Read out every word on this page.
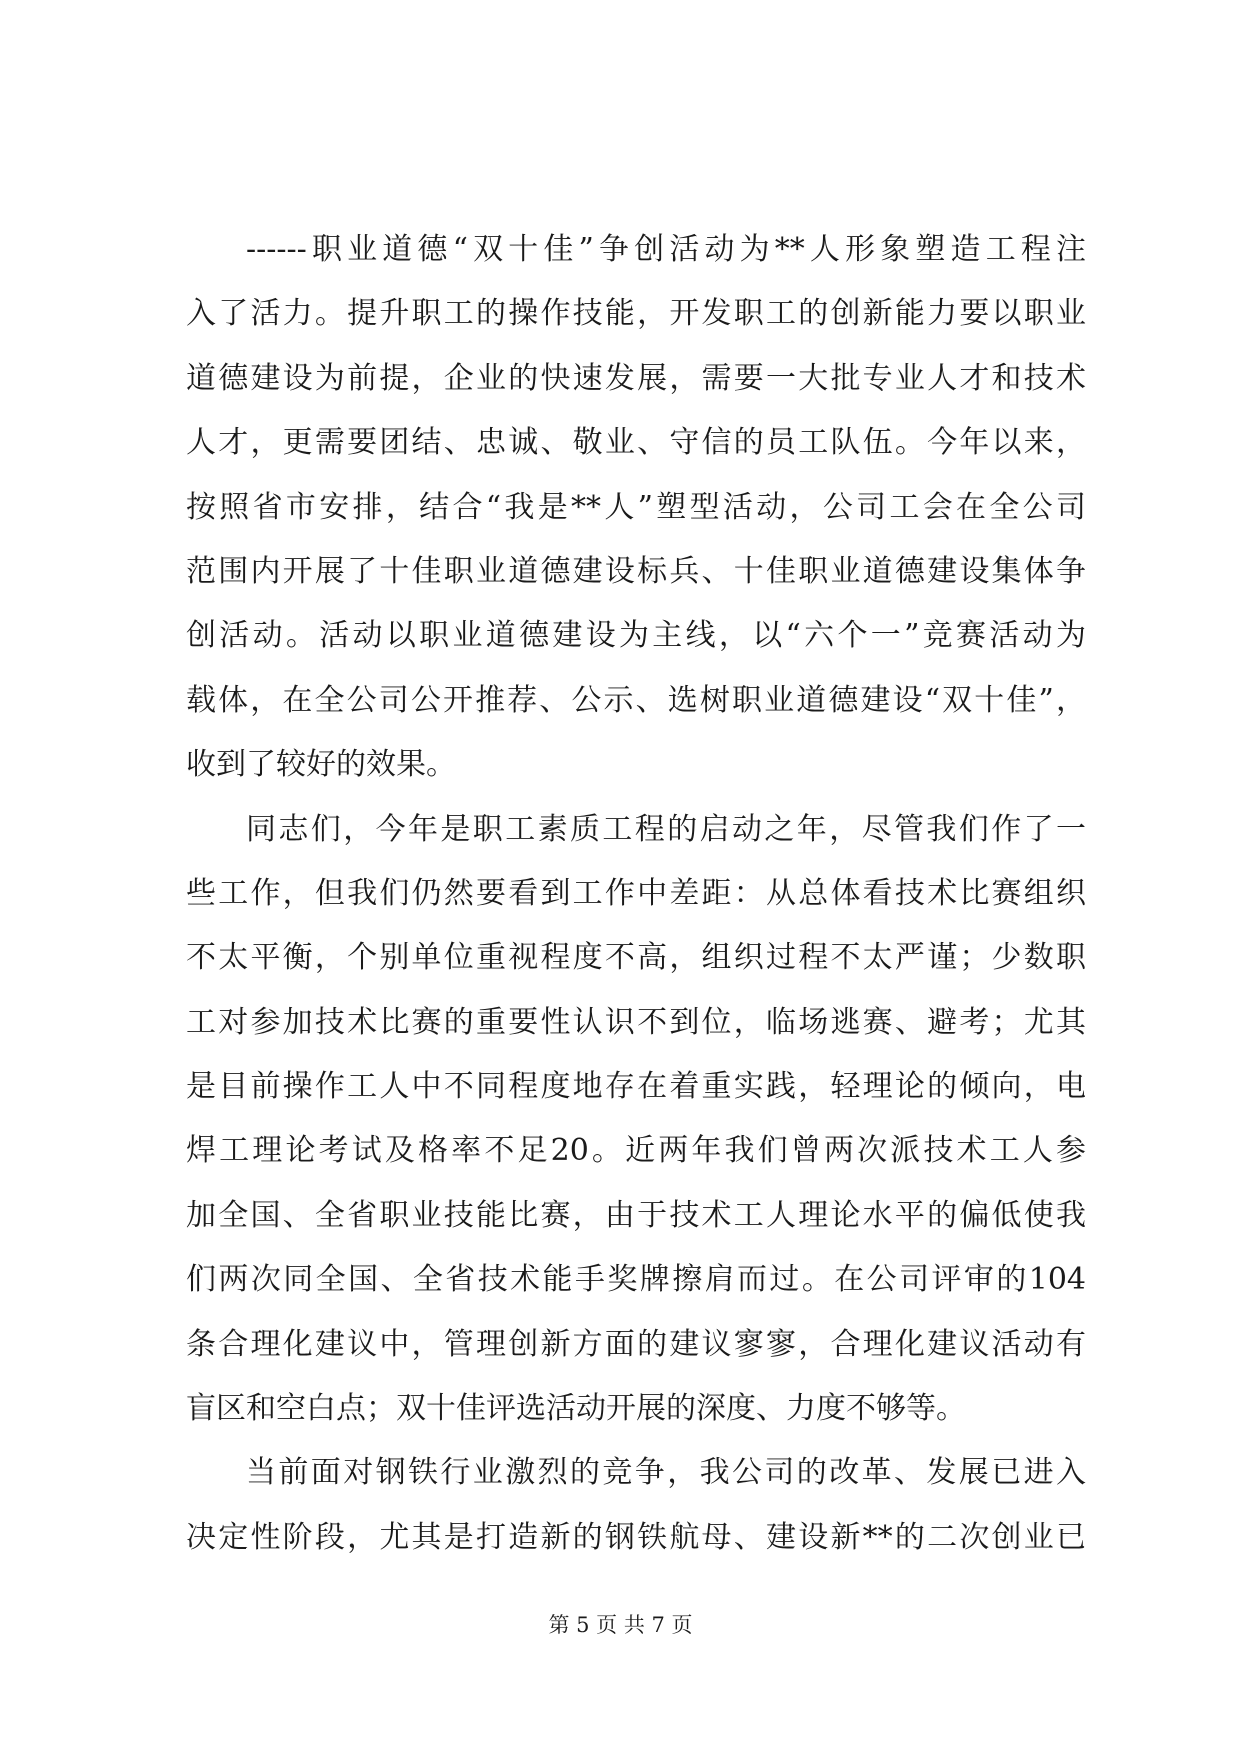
------职业道德“双十佳”争创活动为**人形象塑造工程注
入了活力。提升职工的操作技能，开发职工的创新能力要以职业
道德建设为前提，企业的快速发展，需要一大批专业人才和技术
人才，更需要团结、忠诚、敬业、守信的员工队伍。今年以来，
按照省市安排，结合“我是**人”塑型活动，公司工会在全公司
范围内开展了十佳职业道德建设标兵、十佳职业道德建设集体争
创活动。活动以职业道德建设为主线，以“六个一”竞赛活动为
载体，在全公司公开推荐、公示、选树职业道德建设“双十佳”，
收到了较好的效果。
同志们，今年是职工素质工程的启动之年，尽管我们作了一
些工作，但我们仍然要看到工作中差距：从总体看技术比赛组织
不太平衡，个别单位重视程度不高，组织过程不太严谨；少数职
工对参加技术比赛的重要性认识不到位，临场逃赛、避考；尤其
是目前操作工人中不同程度地存在着重实践，轻理论的倾向，电
焊工理论考试及格率不足20。近两年我们曾两次派技术工人参
加全国、全省职业技能比赛，由于技术工人理论水平的偏低使我
们两次同全国、全省技术能手奖牌擦肩而过。在公司评审的104
条合理化建议中，管理创新方面的建议寥寥，合理化建议活动有
盲区和空白点；双十佳评选活动开展的深度、力度不够等。
当前面对钢铁行业激烈的竞争，我公司的改革、发展已进入
决定性阶段，尤其是打造新的钢铁航母、建设新**的二次创业已
第 5 页 共 7 页
